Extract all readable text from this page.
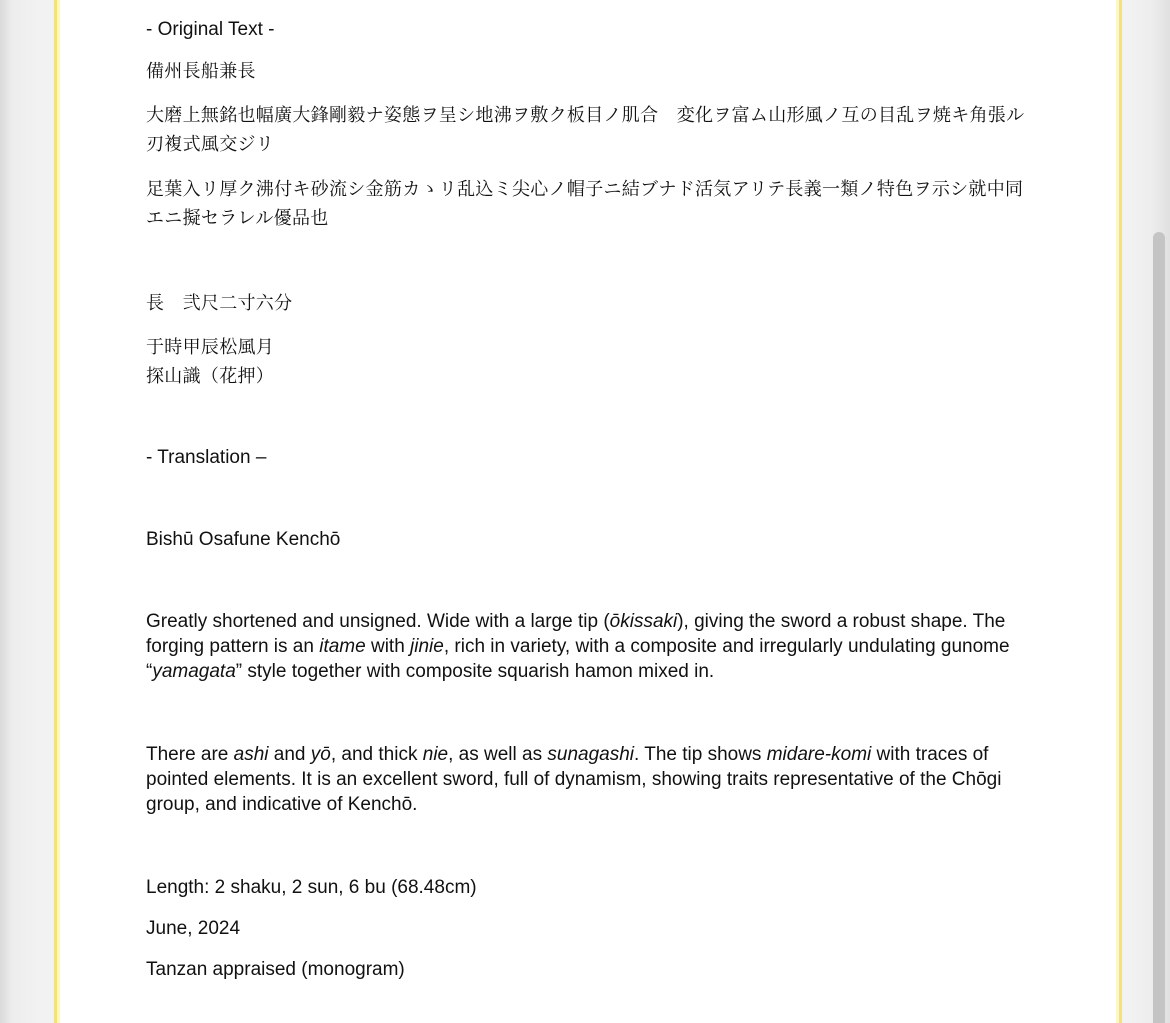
- Original Text -
備州長船兼長
大磨上無銘也幅廣大鋒剛毅ナ姿態ヲ呈シ地沸ヲ敷ク板目ノ肌合　変化ヲ富ム山形風ノ互の目乱ヲ焼キ角張ル刃複式風交ジリ
足葉入リ厚ク沸付キ砂流シ金筋カゝリ乱込ミ尖心ノ帽子ニ結ブナド活気アリテ長義一類ノ特色ヲ示シ就中同エニ擬セラレル優品也
長　弐尺二寸六分
于時甲辰松風月
探山識（花押）
- Translation –
Bishū Osafune Kenchō
Greatly shortened and unsigned. Wide with a large tip (ōkissaki), giving the sword a robust shape. The forging pattern is an itame with jinie, rich in variety, with a composite and irregularly undulating gunome “yamagata” style together with composite squarish hamon mixed in.
There are ashi and yō, and thick nie, as well as sunagashi. The tip shows midare-komi with traces of pointed elements. It is an excellent sword, full of dynamism, showing traits representative of the Chōgi group, and indicative of Kenchō.
Length: 2 shaku, 2 sun, 6 bu (68.48cm)
June, 2024
Tanzan appraised (monogram)
